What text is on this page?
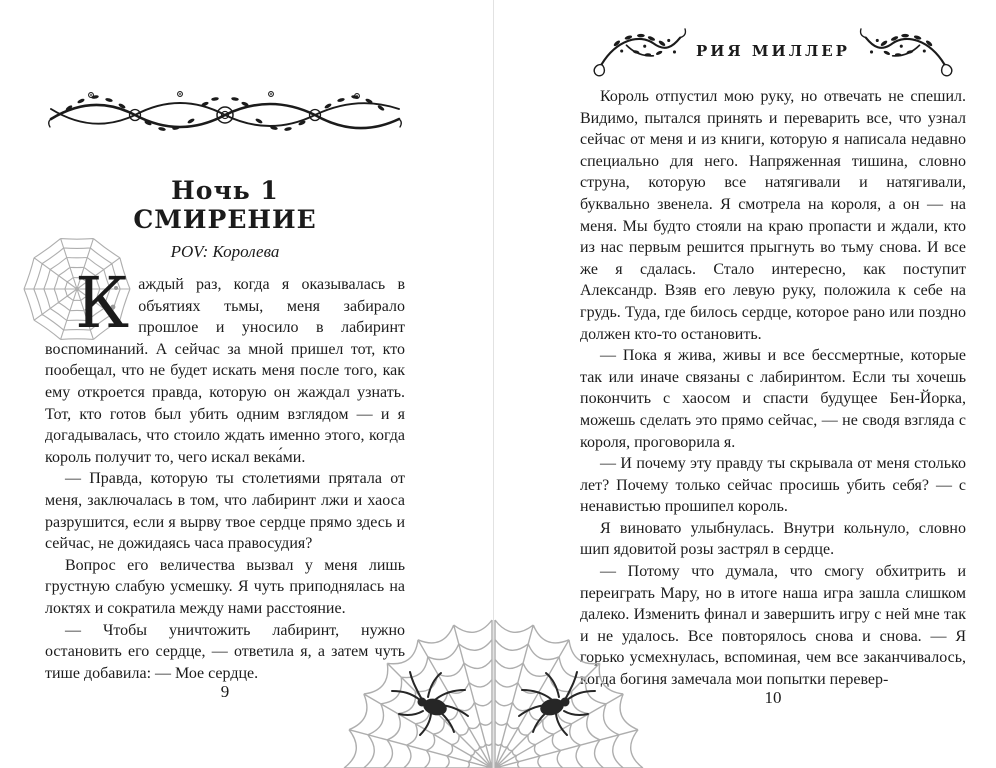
Ночь 1
СМИРЕНИЕ
POV: Королева

Каждый раз, когда я оказывалась в объятиях тьмы, меня забирало прошлое и уносило в лабиринт воспоминаний. А сейчас за мной пришел тот, кто пообещал, что не будет искать меня после того, как ему откроется правда, которую он жаждал узнать. Тот, кто готов был убить одним взглядом — и я догадывалась, что стоило ждать именно этого, когда король получит то, чего искал века́ми.

— Правда, которую ты столетиями прятала от меня, заключалась в том, что лабиринт лжи и хаоса разрушится, если я вырву твое сердце прямо здесь и сейчас, не дожидаясь часа правосудия?

Вопрос его величества вызвал у меня лишь грустную слабую усмешку. Я чуть приподнялась на локтях и сократила между нами расстояние.

— Чтобы уничтожить лабиринт, нужно остановить его сердце, — ответила я, а затем чуть тише добавила: — Мое сердце.

9
РИЯ МИЛЛЕР

Король отпустил мою руку, но отвечать не спешил. Видимо, пытался принять и переварить все, что узнал сейчас от меня и из книги, которую я написала недавно специально для него. Напряженная тишина, словно струна, которую все натягивали и натягивали, буквально звенела. Я смотрела на короля, а он — на меня. Мы будто стояли на краю пропасти и ждали, кто из нас первым решится прыгнуть во тьму снова. И все же я сдалась. Стало интересно, как поступит Александр. Взяв его левую руку, положила к себе на грудь. Туда, где билось сердце, которое рано или поздно должен кто-то остановить.

— Пока я жива, живы и все бессмертные, которые так или иначе связаны с лабиринтом. Если ты хочешь покончить с хаосом и спасти будущее Бен-Йорка, можешь сделать это прямо сейчас, — не сводя взгляда с короля, проговорила я.

— И почему эту правду ты скрывала от меня столько лет? Почему только сейчас просишь убить себя? — с ненавистью прошипел король.

Я виновато улыбнулась. Внутри кольнуло, словно шип ядовитой розы застрял в сердце.

— Потому что думала, что смогу обхитрить и переиграть Мару, но в итоге наша игра зашла слишком далеко. Изменить финал и завершить игру с ней мне так и не удалось. Все повторялось снова и снова. — Я горько усмехнулась, вспоминая, чем все заканчивалось, когда богиня замечала мои попытки перевер-

10
